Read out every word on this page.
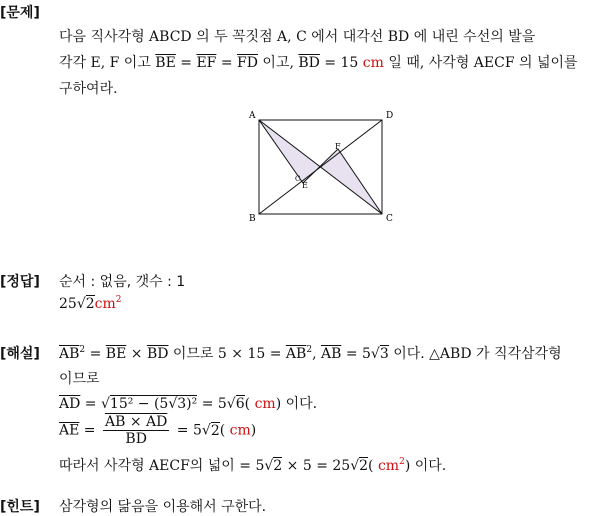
[문제]
다음 직사각형 ABCD 의 두 꼭짓점 A, C 에서 대각선 BD 에 내린 수선의 발을
각각 E, F 이고 $\overline{BE} = \overline{EF} = \overline{FD}$ 이고, $\overline{BD} = 15$ cm 일 때, 사각형 AECF 의 넓이를
구하여라.
A	D
B	C
F
E
C
[정답] 순서 : 없음, 갯수 : 1
$25√2cm^2$
[해설] $\overline{AB}^2 = \overline{BE} \times \overline{BD}$ 이므로 $5 \times 15 = \overline{AB}^2$, $\overline{AB} = 5√3$ 이다. △ABD 가 직각삼각형
이므로
$\overline{AD} = √15^2 - (5√3)^2 = 5√6$( cm) 이다.
$\overline{AE} = \frac{AB \times AD}{BD} = 5√2$( cm)
따라서 사각형 AECF의 넓이 = 5√2 × 5 = 25√2( $cm^2$) 이다.
[힌트] 삼각형의 닮음을 이용해서 구한다.
